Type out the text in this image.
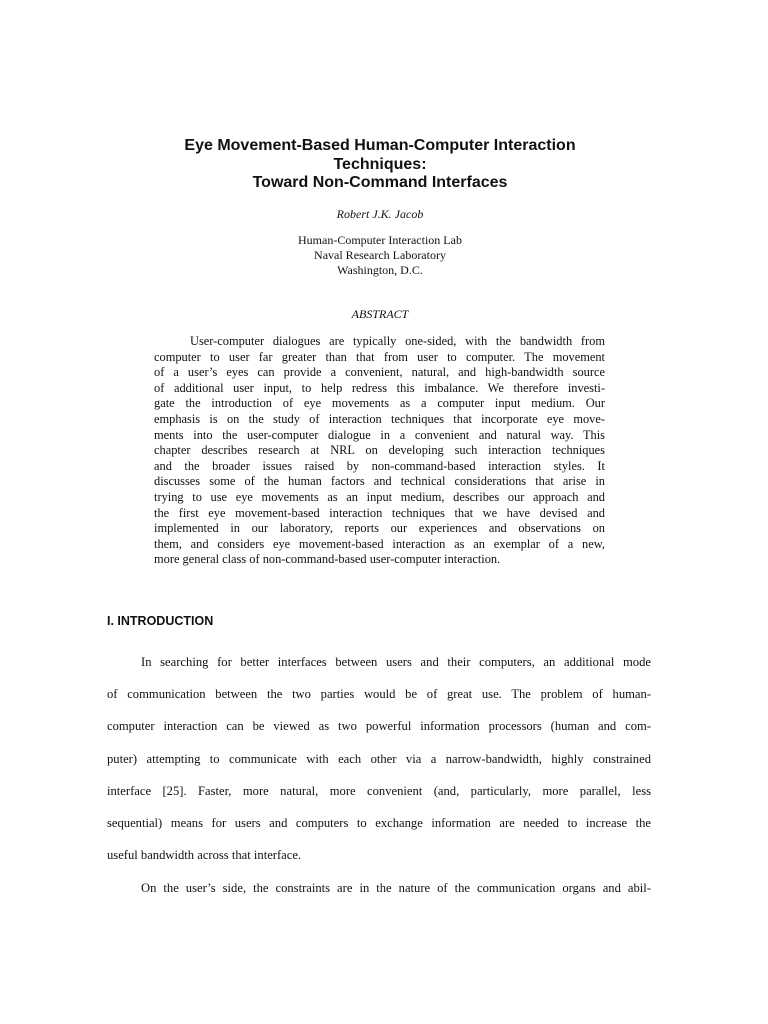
Eye Movement-Based Human-Computer Interaction
Techniques:
Toward Non-Command Interfaces
Robert J.K. Jacob
Human-Computer Interaction Lab
Naval Research Laboratory
Washington, D.C.
ABSTRACT
User-computer dialogues are typically one-sided, with the bandwidth from
computer to user far greater than that from user to computer. The movement
of a user’s eyes can provide a convenient, natural, and high-bandwidth source
of additional user input, to help redress this imbalance. We therefore investi-
gate the introduction of eye movements as a computer input medium. Our
emphasis is on the study of interaction techniques that incorporate eye move-
ments into the user-computer dialogue in a convenient and natural way. This
chapter describes research at NRL on developing such interaction techniques
and the broader issues raised by non-command-based interaction styles. It
discusses some of the human factors and technical considerations that arise in
trying to use eye movements as an input medium, describes our approach and
the first eye movement-based interaction techniques that we have devised and
implemented in our laboratory, reports our experiences and observations on
them, and considers eye movement-based interaction as an exemplar of a new,
more general class of non-command-based user-computer interaction.
I. INTRODUCTION
In searching for better interfaces between users and their computers, an additional mode
of communication between the two parties would be of great use. The problem of human-
computer interaction can be viewed as two powerful information processors (human and com-
puter) attempting to communicate with each other via a narrow-bandwidth, highly constrained
interface [25]. Faster, more natural, more convenient (and, particularly, more parallel, less
sequential) means for users and computers to exchange information are needed to increase the
useful bandwidth across that interface.
On the user’s side, the constraints are in the nature of the communication organs and abil-
